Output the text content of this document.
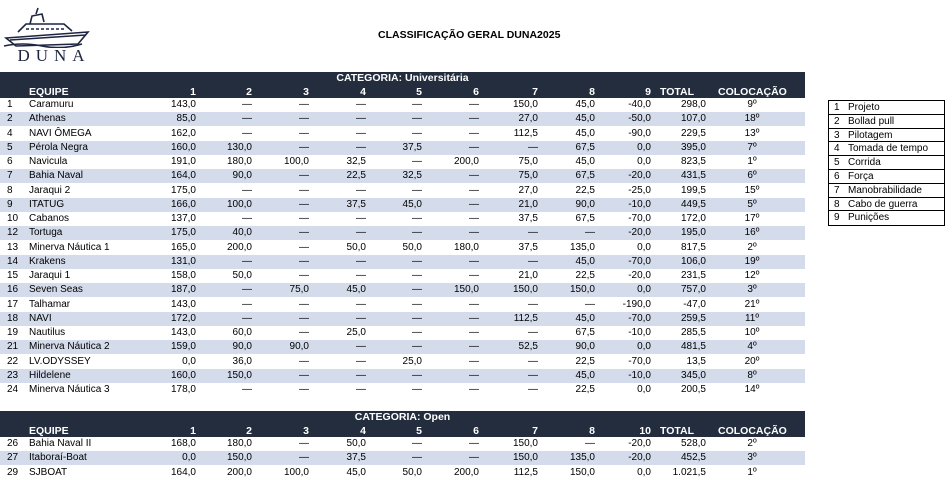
DUNA
CLASSIFICAÇÃO GERAL DUNA2025
CATEGORIA: Universitária
EQUIPE	1	2	3	4	5	6	7	8	9 TOTAL	COLOCAÇÃO
1	Caramuru	143,0	—	—	—	—	—	150,0	45,0	-40,0	298,0	9º
2	Athenas	85,0	—	—	—	—	—	27,0	45,0	-50,0	107,0	18º
4	NAVI ÔMEGA	162,0	—	—	—	—	—	112,5	45,0	-90,0	229,5	13º
5	Pérola Negra	160,0	130,0	—	—	37,5	—	—	67,5	0,0	395,0	7º
6	Navicula	191,0	180,0	100,0	32,5	—	200,0	75,0	45,0	0,0	823,5	1º
7	Bahia Naval	164,0	90,0	—	22,5	32,5	—	75,0	67,5	-20,0	431,5	6º
8	Jaraqui 2	175,0	—	—	—	—	—	27,0	22,5	-25,0	199,5	15º
9	ITATUG	166,0	100,0	—	37,5	45,0	—	21,0	90,0	-10,0	449,5	5º
10	Cabanos	137,0	—	—	—	—	—	37,5	67,5	-70,0	172,0	17º
12	Tortuga	175,0	40,0	—	—	—	—	—	—	-20,0	195,0	16º
13	Minerva Náutica 1	165,0	200,0	—	50,0	50,0	180,0	37,5	135,0	0,0	817,5	2º
14	Krakens	131,0	—	—	—	—	—	—	45,0	-70,0	106,0	19º
15	Jaraqui 1	158,0	50,0	—	—	—	—	21,0	22,5	-20,0	231,5	12º
16	Seven Seas	187,0	—	75,0	45,0	—	150,0	150,0	150,0	0,0	757,0	3º
17	Talhamar	143,0	—	—	—	—	—	—	—	-190,0	-47,0	21º
18	NAVI	172,0	—	—	—	—	—	112,5	45,0	-70,0	259,5	11º
19	Nautilus	143,0	60,0	—	25,0	—	—	—	67,5	-10,0	285,5	10º
21	Minerva Náutica 2	159,0	90,0	90,0	—	—	—	52,5	90,0	0,0	481,5	4º
22	LV.ODYSSEY	0,0	36,0	—	—	25,0	—	—	22,5	-70,0	13,5	20º
23	Hildelene	160,0	150,0	—	—	—	—	—	45,0	-10,0	345,0	8º
24	Minerva Náutica 3	178,0	—	—	—	—	—	—	22,5	0,0	200,5	14º
CATEGORIA: Open
EQUIPE	1	2	3	4	5	6	7	8	10 TOTAL	COLOCAÇÃO
26	Bahia Naval II	168,0	180,0	—	50,0	—	—	150,0	—	-20,0	528,0	2º
27	Itaboraí-Boat	0,0	150,0	—	37,5	—	—	150,0	135,0	-20,0	452,5	3º
29	SJBOAT	164,0	200,0	100,0	45,0	50,0	200,0	112,5	150,0	0,0	1.021,5	1º
1 Projeto
2 Bollad pull
3 Pilotagem
4 Tomada de tempo
5 Corrida
6 Força
7 Manobrabilidade
8 Cabo de guerra
9 Punições
